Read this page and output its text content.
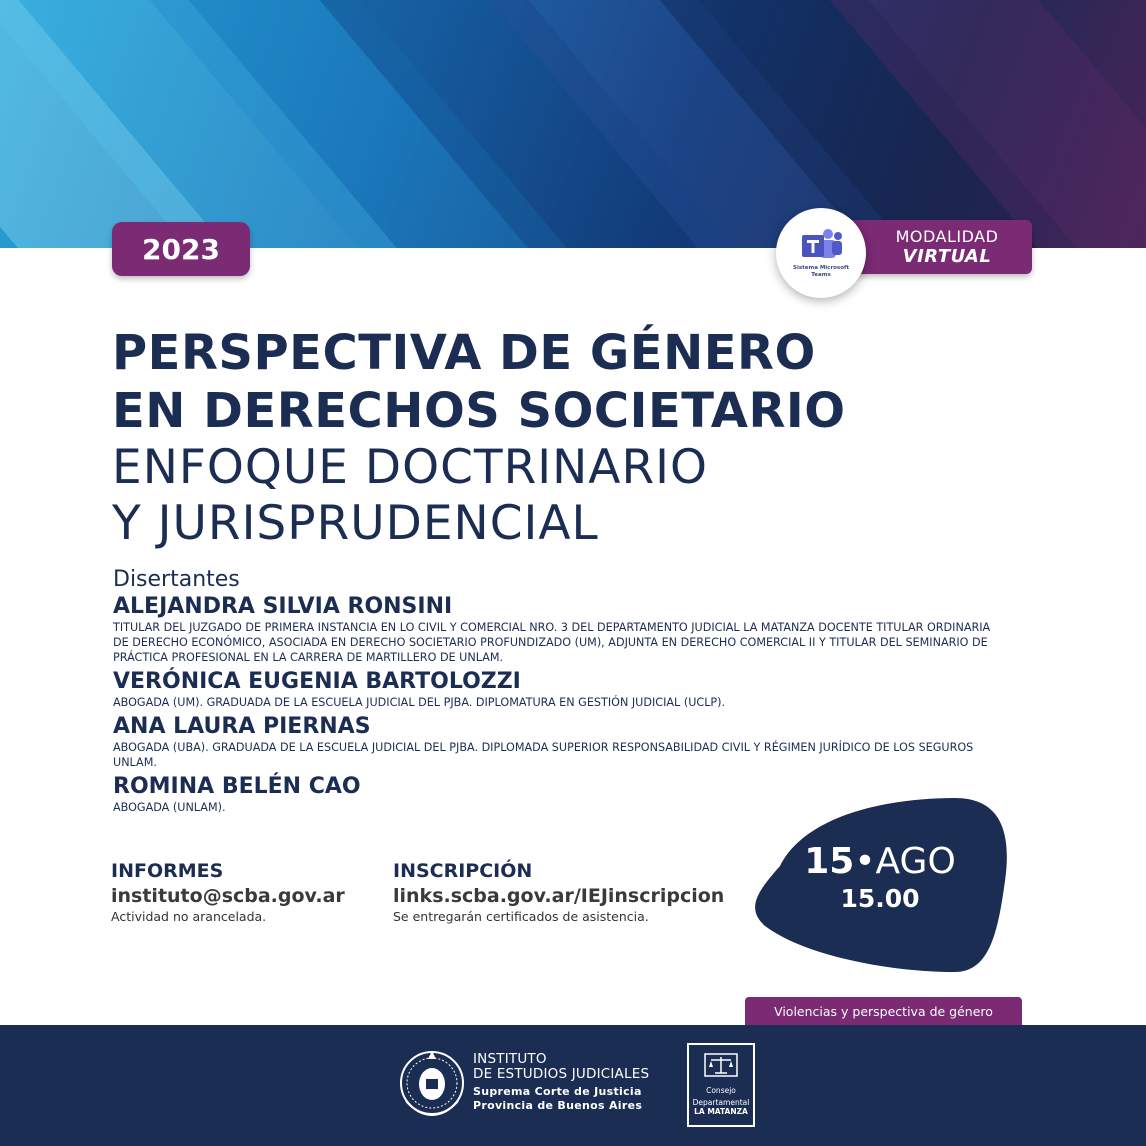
2023	MODALIDAD
VIRTUAL
Sistema Microsoft Teams
PERSPECTIVA DE GÉNERO
EN DERECHOS SOCIETARIO
ENFOQUE DOCTRINARIO
Y JURISPRUDENCIAL
Disertantes
ALEJANDRA SILVIA RONSINI
TITULAR DEL JUZGADO DE PRIMERA INSTANCIA EN LO CIVIL Y COMERCIAL NRO. 3 DEL DEPARTAMENTO JUDICIAL LA MATANZA DOCENTE TITULAR ORDINARIA DE DERECHO ECONÓMICO, ASOCIADA EN DERECHO SOCIETARIO PROFUNDIZADO (UM), ADJUNTA EN DERECHO COMERCIAL II Y TITULAR DEL SEMINARIO DE PRÁCTICA PROFESIONAL EN LA CARRERA DE MARTILLERO DE UNLAM.
VERÓNICA EUGENIA BARTOLOZZI
ABOGADA (UM). GRADUADA DE LA ESCUELA JUDICIAL DEL PJBA. DIPLOMATURA EN GESTIÓN JUDICIAL (UCLP).
ANA LAURA PIERNAS
ABOGADA (UBA). GRADUADA DE LA ESCUELA JUDICIAL DEL PJBA. DIPLOMADA SUPERIOR RESPONSABILIDAD CIVIL Y RÉGIMEN JURÍDICO DE LOS SEGUROS UNLAM.
ROMINA BELÉN CAO
ABOGADA (UNLAM).
INFORMES
instituto@scba.gov.ar
Actividad no arancelada.
INSCRIPCIÓN
links.scba.gov.ar/IEJinscripcion
Se entregarán certificados de asistencia.
15•AGO
15.00
Violencias y perspectiva de género
INSTITUTO
DE ESTUDIOS JUDICIALES
Suprema Corte de Justicia
Provincia de Buenos Aires
Consejo
Departamental
LA MATANZA
